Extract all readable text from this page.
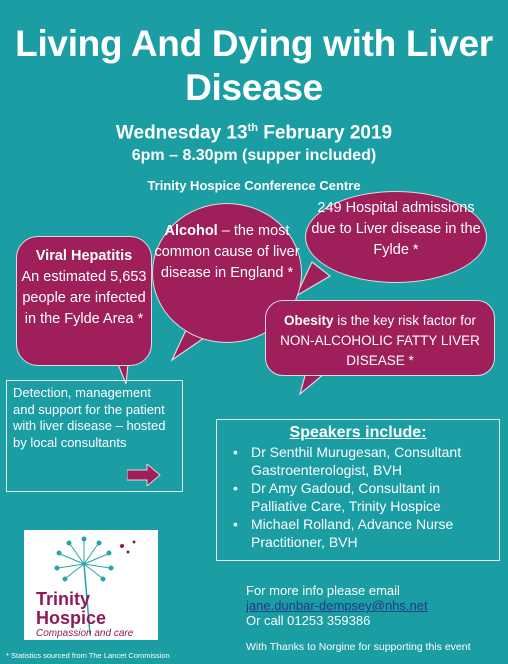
Living And Dying with Liver Disease
Wednesday 13th February 2019
6pm – 8.30pm (supper included)
Trinity Hospice Conference Centre
Viral Hepatitis
An estimated 5,653 people are infected in the Fylde Area *
Alcohol – the most common cause of liver disease in England *
249 Hospital admissions due to Liver disease in the Fylde *
Obesity is the key risk factor for NON-ALCOHOLIC FATTY LIVER DISEASE *
Detection, management and support for the patient with liver disease – hosted by local consultants
Speakers include:
• Dr Senthil Murugesan, Consultant Gastroenterologist, BVH
• Dr Amy Gadoud, Consultant in Palliative Care, Trinity Hospice
• Michael Rolland, Advance Nurse Practitioner, BVH
Trinity
Hospice
Compassion and care
* Statistics sourced from The Lancet Commission
For more info please email
jane.dunbar-dempsey@nhs.net
Or call 01253 359386
With Thanks to Norgine for supporting this event
